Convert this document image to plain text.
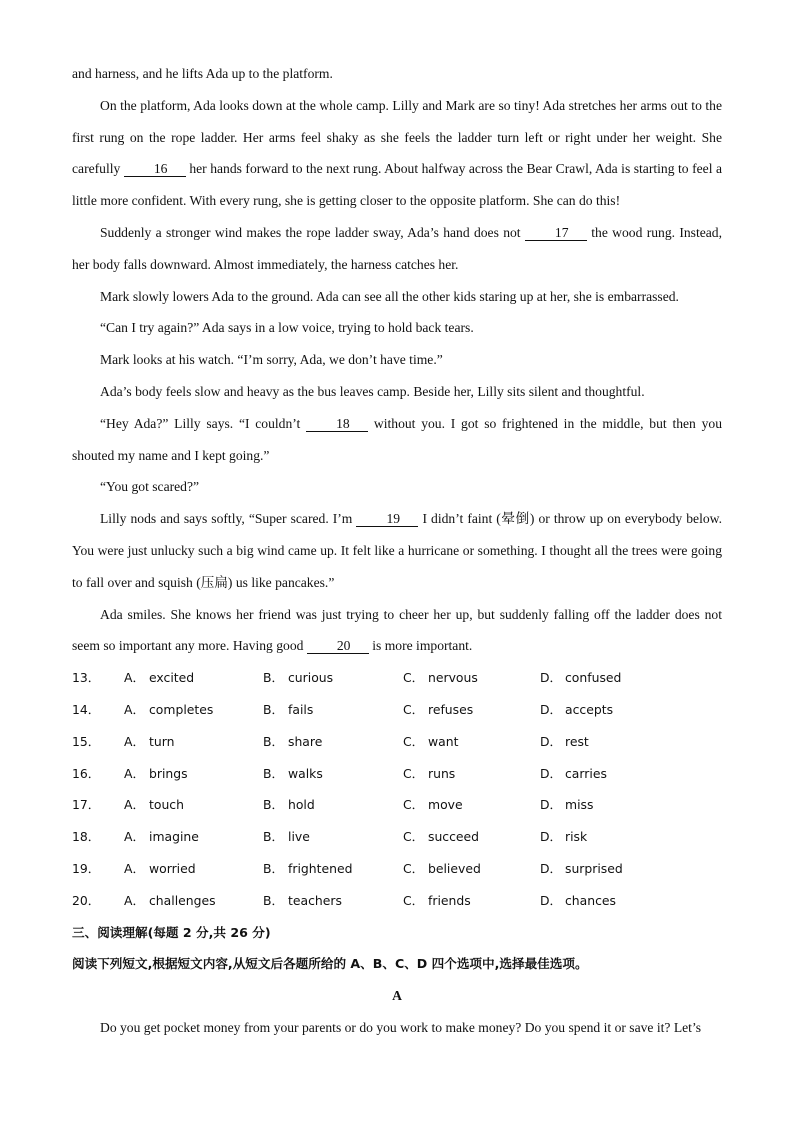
and harness, and he lifts Ada up to the platform.

On the platform, Ada looks down at the whole camp. Lilly and Mark are so tiny! Ada stretches her arms out to the first rung on the rope ladder. Her arms feel shaky as she feels the ladder turn left or right under her weight. She carefully 16 her hands forward to the next rung. About halfway across the Bear Crawl, Ada is starting to feel a little more confident. With every rung, she is getting closer to the opposite platform. She can do this!

Suddenly a stronger wind makes the rope ladder sway, Ada’s hand does not	17 the wood rung. Instead, her body falls downward. Almost immediately, the harness catches her.

Mark slowly lowers Ada to the ground. Ada can see all the other kids staring up at her, she is embarrassed.

“Can I try again?” Ada says in a low voice, trying to hold back tears.

Mark looks at his watch. “I’m sorry, Ada, we don’t have time.”

Ada’s body feels slow and heavy as the bus leaves camp. Beside her, Lilly sits silent and thoughtful.

“Hey Ada?” Lilly says. “I couldn’t	18 without you. I got so frightened in the middle, but then you shouted my name and I kept going.”

“You got scared?”

Lilly nods and says softly, “Super scared. I’m	19 I didn’t faint (晕倒) or throw up on everybody below. You were just unlucky such a big wind came up. It felt like a hurricane or something. I thought all the trees were going to fall over and squish (压扁) us like pancakes.”

Ada smiles. She knows her friend was just trying to cheer her up, but suddenly falling off the ladder does not seem so important any more. Having good 20 is more important.

13．	A． excited	B． curious	C． nervous	D． confused
14．	A． completes	B． fails	C． refuses	D． accepts
15．	A． turn	B． share	C． want	D． rest
16．	A． brings	B． walks	C． runs	D． carries
17．	A． touch	B． hold	C． move	D． miss
18．	A． imagine	B． live	C． succeed	D． risk
19．	A． worried	B． frightened	C． believed	D． surprised
20．	A． challenges	B． teachers	C． friends	D． chances

三、阅读理解(每题 2 分,共 26 分)

阅读下列短文,根据短文内容,从短文后各题所给的 A、B、C、D 四个选项中,选择最佳选项。

A

Do you get pocket money from your parents or do you work to make money? Do you spend it or save it? Let’s
